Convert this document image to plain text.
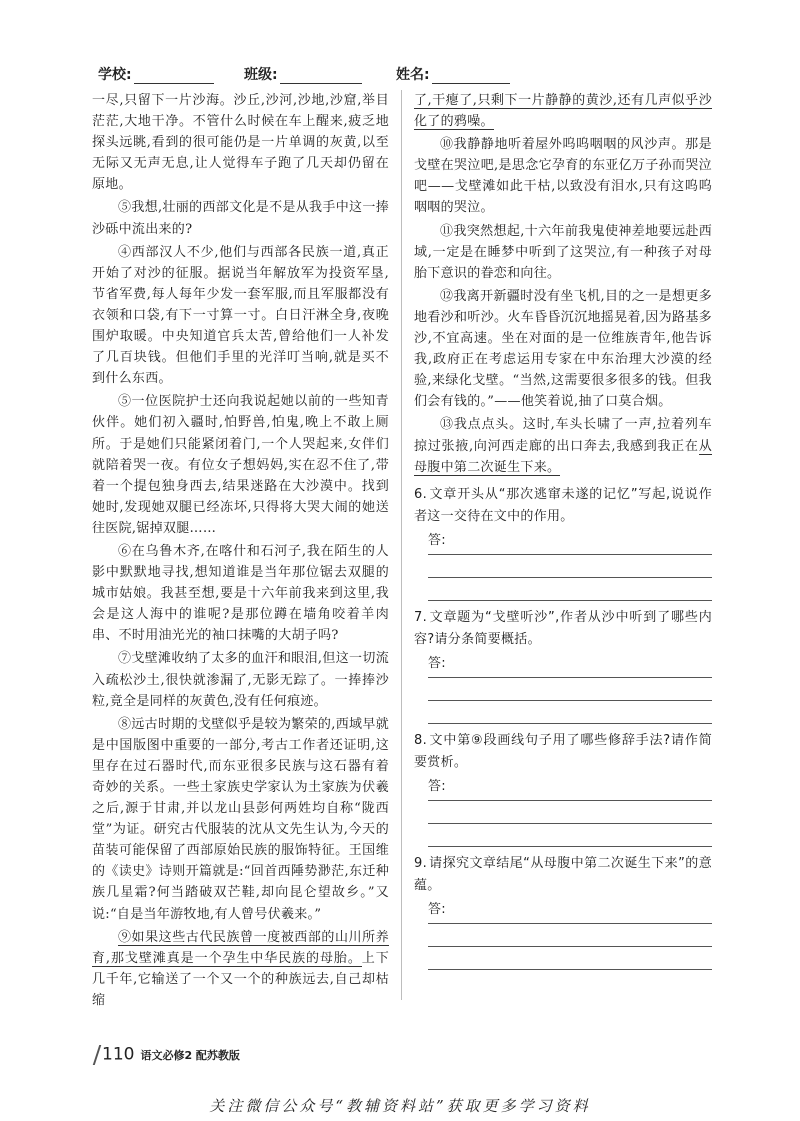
学校:	班级:	姓名:

一尽,只留下一片沙海。沙丘,沙河,沙地,沙窟,举目茫茫,大地干净。不管什么时候在车上醒来,疲乏地探头远眺,看到的很可能仍是一片单调的灰黄,以至无际又无声无息,让人觉得车子跑了几天却仍留在原地。

⑤我想,壮丽的西部文化是不是从我手中这一捧沙砾中流出来的?

④西部汉人不少,他们与西部各民族一道,真正开始了对沙的征服。据说当年解放军为投资军垦,节省军费,每人每年少发一套军服,而且军服都没有衣领和口袋,有下一寸算一寸。白日汗淋全身,夜晚围炉取暖。中央知道官兵太苦,曾给他们一人补发了几百块钱。但他们手里的光洋叮当响,就是买不到什么东西。

⑤一位医院护士还向我说起她以前的一些知青伙伴。她们初入疆时,怕野兽,怕鬼,晚上不敢上厕所。于是她们只能紧闭着门,一个人哭起来,女伴们就陪着哭一夜。有位女子想妈妈,实在忍不住了,带着一个提包独身西去,结果迷路在大沙漠中。找到她时,发现她双腿已经冻坏,只得将大哭大闹的她送往医院,锯掉双腿……

⑥在乌鲁木齐,在喀什和石河子,我在陌生的人影中默默地寻找,想知道谁是当年那位锯去双腿的城市姑娘。我甚至想,要是十六年前我来到这里,我会是这人海中的谁呢?是那位蹲在墙角咬着羊肉串、不时用油光光的袖口抹嘴的大胡子吗?

⑦戈壁滩收纳了太多的血汗和眼泪,但这一切流入疏松沙土,很快就渗漏了,无影无踪了。一捧捧沙粒,竟全是同样的灰黄色,没有任何痕迹。

⑧远古时期的戈壁似乎是较为繁荣的,西域早就是中国版图中重要的一部分,考古工作者还证明,这里存在过石器时代,而东亚很多民族与这石器有着奇妙的关系。一些土家族史学家认为土家族为伏羲之后,源于甘肃,并以龙山县彭何两姓均自称“陇西堂”为证。研究古代服装的沈从文先生认为,今天的苗装可能保留了西部原始民族的服饰特征。王国维的《读史》诗则开篇就是:“回首西陲势渺茫,东迁种族几星霜?何当踏破双芒鞋,却向昆仑望故乡。”又说:“自是当年游牧地,有人曾号伏羲来。”

⑨如果这些古代民族曾一度被西部的山川所养育,那戈壁滩真是一个孕生中华民族的母胎。上下几千年,它输送了一个又一个的种族远去,自己却枯缩

了,干瘪了,只剩下一片静静的黄沙,还有几声似乎沙化了的鸦噪。

⑩我静静地听着屋外呜呜咽咽的风沙声。那是戈壁在哭泣吧,是思念它孕育的东亚亿万子孙而哭泣吧——戈壁滩如此干枯,以致没有泪水,只有这呜呜咽咽的哭泣。

⑪我突然想起,十六年前我鬼使神差地要远赴西域,一定是在睡梦中听到了这哭泣,有一种孩子对母胎下意识的眷恋和向往。

⑫我离开新疆时没有坐飞机,目的之一是想更多地看沙和听沙。火车昏昏沉沉地摇晃着,因为路基多沙,不宜高速。坐在对面的是一位维族青年,他告诉我,政府正在考虑运用专家在中东治理大沙漠的经验,来绿化戈壁。“当然,这需要很多很多的钱。但我们会有钱的。”——他笑着说,抽了口莫合烟。

⑬我点点头。这时,车头长啸了一声,拉着列车掠过张掖,向河西走廊的出口奔去,我感到我正在从母腹中第二次诞生下来。

6. 文章开头从“那次逃窜未遂的记忆”写起,说说作者这一交待在文中的作用。
答:
7. 文章题为“戈壁听沙”,作者从沙中听到了哪些内容?请分条简要概括。
答:
8. 文中第⑨段画线句子用了哪些修辞手法?请作简要赏析。
答:
9. 请探究文章结尾“从母腹中第二次诞生下来”的意蕴。
答:
110 语文必修2 配苏教版
关注微信公众号“教辅资料站”获取更多学习资料
